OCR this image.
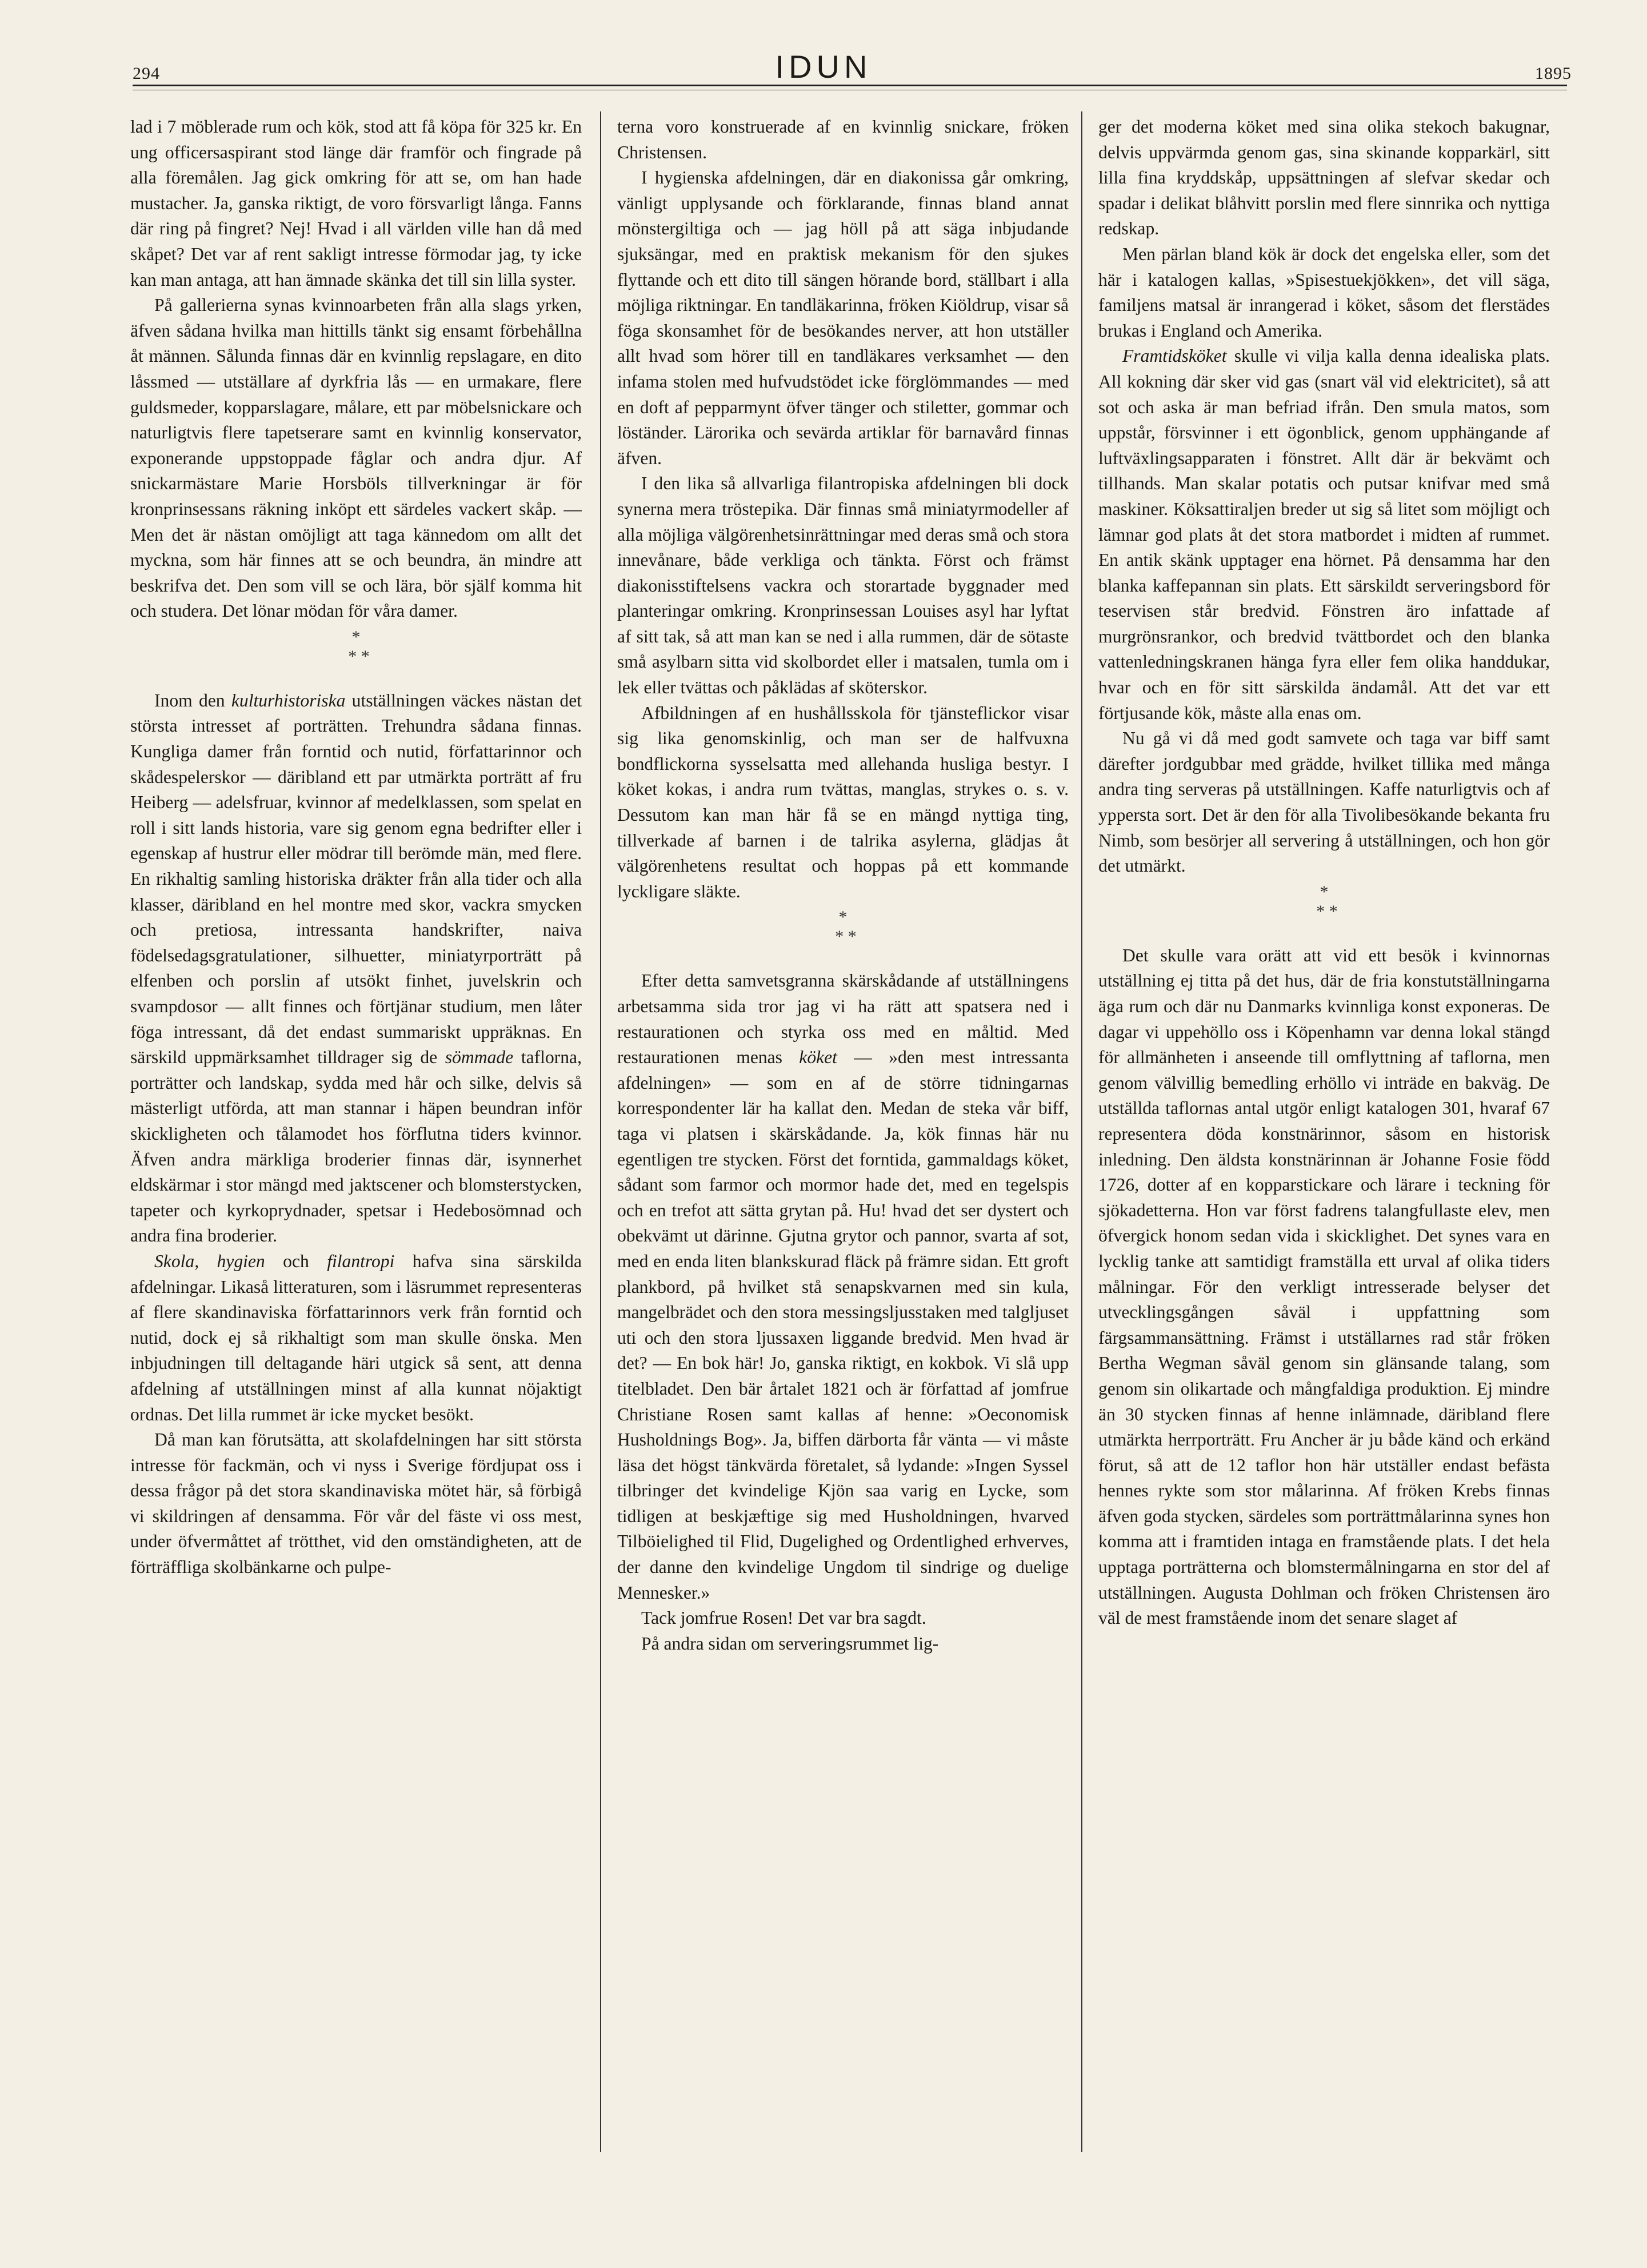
294	IDUN	1895

lad i 7 möblerade rum och kök, stod att få köpa för 325 kr. En ung officersaspirant stod länge där framför och fingrade på alla föremålen. Jag gick omkring för att se, om han hade mustacher. Ja, ganska riktigt, de voro försvarligt långa. Fanns där ring på fingret? Nej! Hvad i all världen ville han då med skåpet? Det var af rent sakligt intresse förmodar jag, ty icke kan man antaga, att han ämnade skänka det till sin lilla syster.

På gallerierna synas kvinnoarbeten från alla slags yrken, äfven sådana hvilka man hittills tänkt sig ensamt förbehållna åt männen. Sålunda finnas där en kvinnlig repslagare, en dito låssmed — utställare af dyrkfria lås — en urmakare, flere guldsmeder, kopparslagare, målare, ett par möbelsnickare och naturligtvis flere tapetserare samt en kvinnlig konservator, exponerande uppstoppade fåglar och andra djur. Af snickarmästare Marie Horsböls tillverkningar är för kronprinsessans räkning inköpt ett särdeles vackert skåp. — Men det är nästan omöjligt att taga kännedom om allt det myckna, som här finnes att se och beundra, än mindre att beskrifva det. Den som vill se och lära, bör själf komma hit och studera. Det lönar mödan för våra damer.

*
* *

Inom den kulturhistoriska utställningen väckes nästan det största intresset af porträtten. Trehundra sådana finnas. Kungliga damer från forntid och nutid, författarinnor och skådespelerskor — däribland ett par utmärkta porträtt af fru Heiberg — adelsfruar, kvinnor af medelklassen, som spelat en roll i sitt lands historia, vare sig genom egna bedrifter eller i egenskap af hustrur eller mödrar till berömde män, med flere. En rikhaltig samling historiska dräkter från alla tider och alla klasser, däribland en hel montre med skor, vackra smycken och pretiosa, intressanta handskrifter, naiva födelsedagsgratulationer, silhuetter, miniatyrporträtt på elfenben och porslin af utsökt finhet, juvelskrin och svampdosor — allt finnes och förtjänar studium, men låter föga intressant, då det endast summariskt uppräknas. En särskild uppmärksamhet tilldrager sig de sömmade taflorna, porträtter och landskap, sydda med hår och silke, delvis så mästerligt utförda, att man stannar i häpen beundran inför skickligheten och tålamodet hos förflutna tiders kvinnor. Äfven andra märkliga broderier finnas där, isynnerhet eldskärmar i stor mängd med jaktscener och blomsterstycken, tapeter och kyrkoprydnader, spetsar i Hedebosömnad och andra fina broderier.

Skola, hygien och filantropi hafva sina särskilda afdelningar. Likaså litteraturen, som i läsrummet representeras af flere skandinaviska författarinnors verk från forntid och nutid, dock ej så rikhaltigt som man skulle önska. Men inbjudningen till deltagande häri utgick så sent, att denna afdelning af utställningen minst af alla kunnat nöjaktigt ordnas. Det lilla rummet är icke mycket besökt.

Då man kan förutsätta, att skolafdelningen har sitt största intresse för fackmän, och vi nyss i Sverige fördjupat oss i dessa frågor på det stora skandinaviska mötet här, så förbigå vi skildringen af densamma. För vår del fäste vi oss mest, under öfvermåttet af trötthet, vid den omständigheten, att de förträffliga skolbänkarne och pulpe-

terna voro konstruerade af en kvinnlig snickare, fröken Christensen.

I hygienska afdelningen, där en diakonissa går omkring, vänligt upplysande och förklarande, finnas bland annat mönstergiltiga och — jag höll på att säga inbjudande sjuksängar, med en praktisk mekanism för den sjukes flyttande och ett dito till sängen hörande bord, ställbart i alla möjliga riktningar. En tandläkarinna, fröken Kiöldrup, visar så föga skonsamhet för de besökandes nerver, att hon utställer allt hvad som hörer till en tandläkares verksamhet — den infama stolen med hufvudstödet icke förglömmandes — med en doft af pepparmynt öfver tänger och stiletter, gommar och löständer. Lärorika och sevärda artiklar för barnavård finnas äfven.

I den lika så allvarliga filantropiska afdelningen bli dock synerna mera tröstерika. Där finnas små miniatyrmodeller af alla möjliga välgörenhetsinrättningar med deras små och stora innevånare, både verkliga och tänkta. Först och främst diakonisstiftelsens vackra och storartade byggnader med planteringar omkring. Kronprinsessan Louises asyl har lyftat af sitt tak, så att man kan se ned i alla rummen, där de sötaste små asylbarn sitta vid skolbordet eller i matsalen, tumla om i lek eller tvättas och påklädas af sköterskor.

Afbildningen af en hushållsskola för tjänsteflickor visar sig lika genomskinlig, och man ser de halfvuxna bondflickorna sysselsatta med allehanda husliga bestyr. I köket kokas, i andra rum tvättas, manglas, strykes o. s. v. Dessutom kan man här få se en mängd nyttiga ting, tillverkade af barnen i de talrika asylerna, glädjas åt välgörenhetens resultat och hoppas på ett kommande lyckligare släkte.

*
* *

Efter detta samvetsgranna skärskådande af utställningens arbetsamma sida tror jag vi ha rätt att spatsera ned i restaurationen och styrka oss med en måltid. Med restaurationen menas köket — »den mest intressanta afdelningen» — som en af de större tidningarnas korrespondenter lär ha kallat den. Medan de steka vår biff, taga vi platsen i skärskådande. Ja, kök finnas här nu egentligen tre stycken. Först det forntida, gammaldags köket, sådant som farmor och mormor hade det, med en tegelspis och en trefot att sätta grytan på. Hu! hvad det ser dystert och obekvämt ut därinne. Gjutna grytor och pannor, svarta af sot, med en enda liten blankskurad fläck på främre sidan. Ett groft plankbord, på hvilket stå senapskvarnen med sin kula, mangelbrädet och den stora messingsljusstaken med talgljuset uti och den stora ljussaxen liggande bredvid. Men hvad är det? — En bok här! Jo, ganska riktigt, en kokbok. Vi slå upp titelbladet. Den bär årtalet 1821 och är författad af jomfrue Christiane Rosen samt kallas af henne: »Oeconomisk Husholdnings Bog». Ja, biffen därborta får vänta — vi måste läsa det högst tänkvärda företalet, så lydande: »Ingen Syssel tilbringer det kvindelige Kjön saa varig en Lycke, som tidligen at beskjæftige sig med Husholdningen, hvarved Tilböielighed til Flid, Dugelighed og Ordentlighed erhverves, der danne den kvindelige Ungdom til sindrige og duelige Mennesker.»

Tack jomfrue Rosen! Det var bra sagdt.

På andra sidan om serveringsrummet lig-

ger det moderna köket med sina olika stekoch bakugnar, delvis uppvärmda genom gas, sina skinande kopparkärl, sitt lilla fina kryddskåp, uppsättningen af slefvar skedar och spadar i delikat blåhvitt porslin med flere sinnrika och nyttiga redskap.

Men pärlan bland kök är dock det engelska eller, som det här i katalogen kallas, »Spisestuekjökken», det vill säga, familjens matsal är inrangerad i köket, såsom det flerstädes brukas i England och Amerika.

Framtidsköket skulle vi vilja kalla denna idealiska plats. All kokning där sker vid gas (snart väl vid elektricitet), så att sot och aska är man befriad ifrån. Den smula matos, som uppstår, försvinner i ett ögonblick, genom upphängande af luftväxlingsapparaten i fönstret. Allt där är bekvämt och tillhands. Man skalar potatis och putsar knifvar med små maskiner. Köksattiraljen breder ut sig så litet som möjligt och lämnar god plats åt det stora matbordet i midten af rummet. En antik skänk upptager ena hörnet. På densamma har den blanka kaffepannan sin plats. Ett särskildt serveringsbord för teservisen står bredvid. Fönstren äro infattade af murgrönsrankor, och bredvid tvättbordet och den blanka vattenledningskranen hänga fyra eller fem olika handdukar, hvar och en för sitt särskilda ändamål. Att det var ett förtjusande kök, måste alla enas om.

Nu gå vi då med godt samvete och taga var biff samt därefter jordgubbar med grädde, hvilket tillika med många andra ting serveras på utställningen. Kaffe naturligtvis och af yppersta sort. Det är den för alla Tivolibesökande bekanta fru Nimb, som besörjer all servering å utställningen, och hon gör det utmärkt.

*
* *

Det skulle vara orätt att vid ett besök i kvinnornas utställning ej titta på det hus, där de fria konstutställningarna äga rum och där nu Danmarks kvinnliga konst exponeras. De dagar vi uppehöllo oss i Köpenhamn var denna lokal stängd för allmänheten i anseende till omflyttning af taflorna, men genom välvillig bemedling erhöllo vi inträde en bakväg. De utställda taflornas antal utgör enligt katalogen 301, hvaraf 67 representera döda konstnärinnor, såsom en historisk inledning. Den äldsta konstnärinnan är Johanne Fosie född 1726, dotter af en kopparstickare och lärare i teckning för sjökadetterna. Hon var först fadrens talangfullaste elev, men öfvergick honom sedan vida i skicklighet. Det synes vara en lycklig tanke att samtidigt framställa ett urval af olika tiders målningar. För den verkligt intresserade belyser det utvecklingsgången såväl i uppfattning som färgsammansättning. Främst i utställarnes rad står fröken Bertha Wegman såväl genom sin glänsande talang, som genom sin olikartade och mångfaldiga produktion. Ej mindre än 30 stycken finnas af henne inlämnade, däribland flere utmärkta herrporträtt. Fru Ancher är ju både känd och erkänd förut, så att de 12 taflor hon här utställer endast befästa hennes rykte som stor målarinna. Af fröken Krebs finnas äfven goda stycken, särdeles som porträttmålarinna synes hon komma att i framtiden intaga en framstående plats. I det hela upptaga porträtterna och blomstermålningarna en stor del af utställningen. Augusta Dohlman och fröken Christensen äro väl de mest framstående inom det senare slaget af
